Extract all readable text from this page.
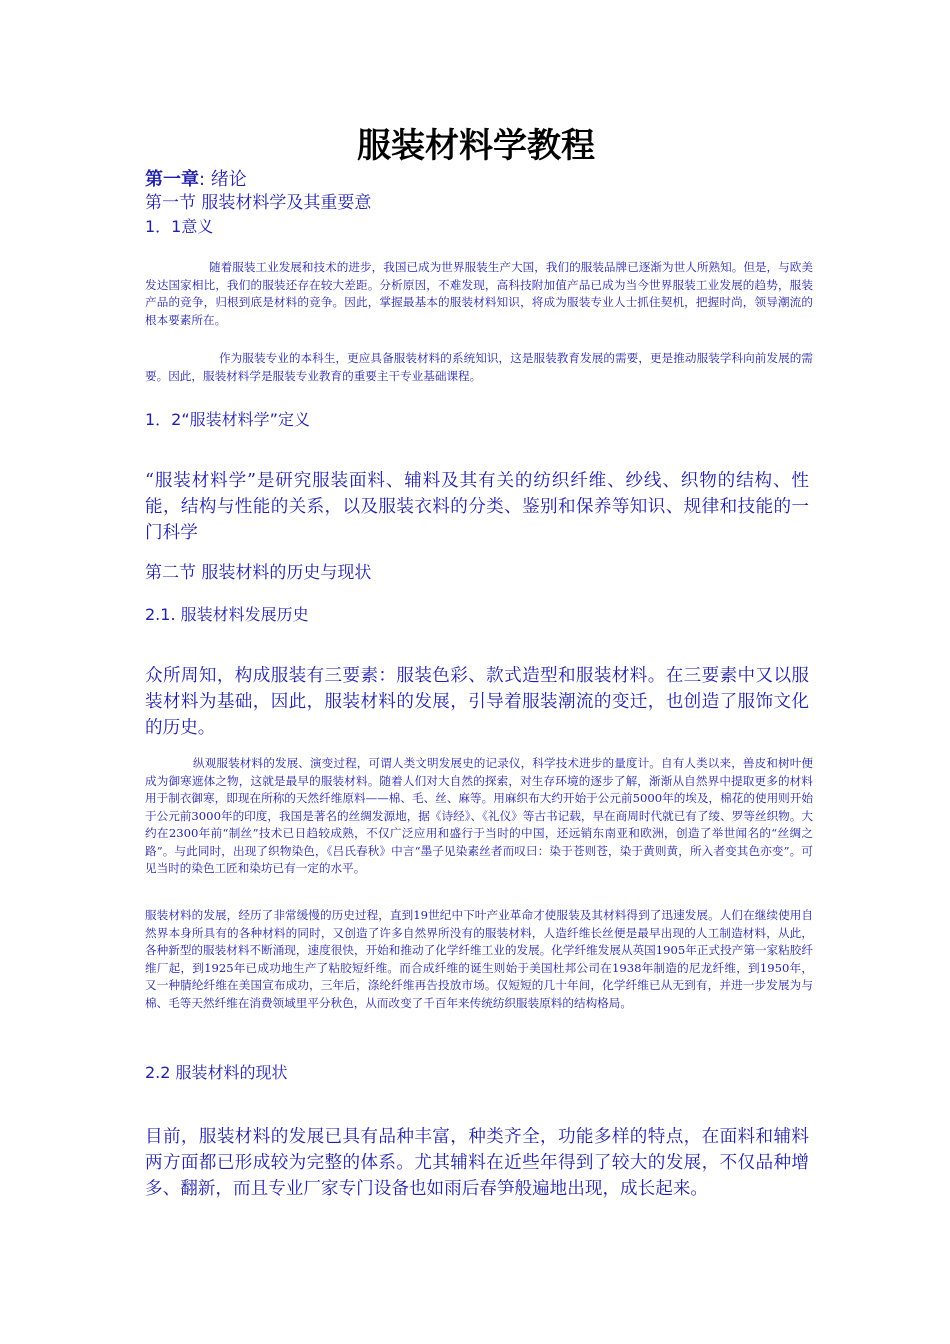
服装材料学教程

第一章: 绪论

第一节 服装材料学及其重要意

1．1意义

随着服装工业发展和技术的进步，我国已成为世界服装生产大国，我们的服装品牌已逐渐为世人所熟知。但是，与欧美发达国家相比，我们的服装还存在较大差距。分析原因，不难发现，高科技附加值产品已成为当今世界服装工业发展的趋势，服装产品的竞争，归根到底是材料的竞争。因此，掌握最基本的服装材料知识，将成为服装专业人士抓住契机，把握时尚，领导潮流的根本要素所在。

作为服装专业的本科生，更应具备服装材料的系统知识，这是服装教育发展的需要，更是推动服装学科向前发展的需要。因此，服装材料学是服装专业教育的重要主干专业基础课程。

1．2“服装材料学”定义

“服装材料学”是研究服装面料、辅料及其有关的纺织纤维、纱线、织物的结构、性能，结构与性能的关系，以及服装衣料的分类、鉴别和保养等知识、规律和技能的一门科学

第二节 服装材料的历史与现状

2.1. 服装材料发展历史

众所周知，构成服装有三要素：服装色彩、款式造型和服装材料。在三要素中又以服装材料为基础，因此，服装材料的发展，引导着服装潮流的变迁，也创造了服饰文化的历史。

纵观服装材料的发展、演变过程，可谓人类文明发展史的记录仪，科学技术进步的量度计。自有人类以来，兽皮和树叶便成为御寒遮体之物，这就是最早的服装材料。随着人们对大自然的探索，对生存环境的逐步了解，渐渐从自然界中提取更多的材料用于制衣御寒，即现在所称的天然纤维原料——棉、毛、丝、麻等。用麻织布大约开始于公元前5000年的埃及，棉花的使用则开始于公元前3000年的印度，我国是著名的丝绸发源地，据《诗经》、《礼仪》等古书记载，早在商周时代就已有了绫、罗等丝织物。大约在2300年前“制丝”技术已日趋较成熟，不仅广泛应用和盛行于当时的中国，还远销东南亚和欧洲，创造了举世闻名的“丝绸之路”。与此同时，出现了织物染色，《吕氏春秋》中言“墨子见染素丝者而叹曰：染于苍则苍，染于黄则黄，所入者变其色亦变”。可见当时的染色工匠和染坊已有一定的水平。

服装材料的发展，经历了非常缓慢的历史过程，直到19世纪中下叶产业革命才使服装及其材料得到了迅速发展。人们在继续使用自然界本身所具有的各种材料的同时，又创造了许多自然界所没有的服装材料，人造纤维长丝便是最早出现的人工制造材料，从此，各种新型的服装材料不断涌现，速度很快，开始和推动了化学纤维工业的发展。化学纤维发展从英国1905年正式投产第一家粘胶纤维厂起，到1925年已成功地生产了粘胶短纤维。而合成纤维的诞生则始于美国杜邦公司在1938年制造的尼龙纤维，到1950年，又一种腈纶纤维在美国宣布成功，三年后，涤纶纤维再告投放市场。仅短短的几十年间，化学纤维已从无到有，并进一步发展为与棉、毛等天然纤维在消费领域里平分秋色，从而改变了千百年来传统纺织服装原料的结构格局。

2.2 服装材料的现状

目前，服装材料的发展已具有品种丰富，种类齐全，功能多样的特点，在面料和辅料两方面都已形成较为完整的体系。尤其辅料在近些年得到了较大的发展，不仅品种增多、翻新，而且专业厂家专门设备也如雨后春笋般遍地出现，成长起来。
